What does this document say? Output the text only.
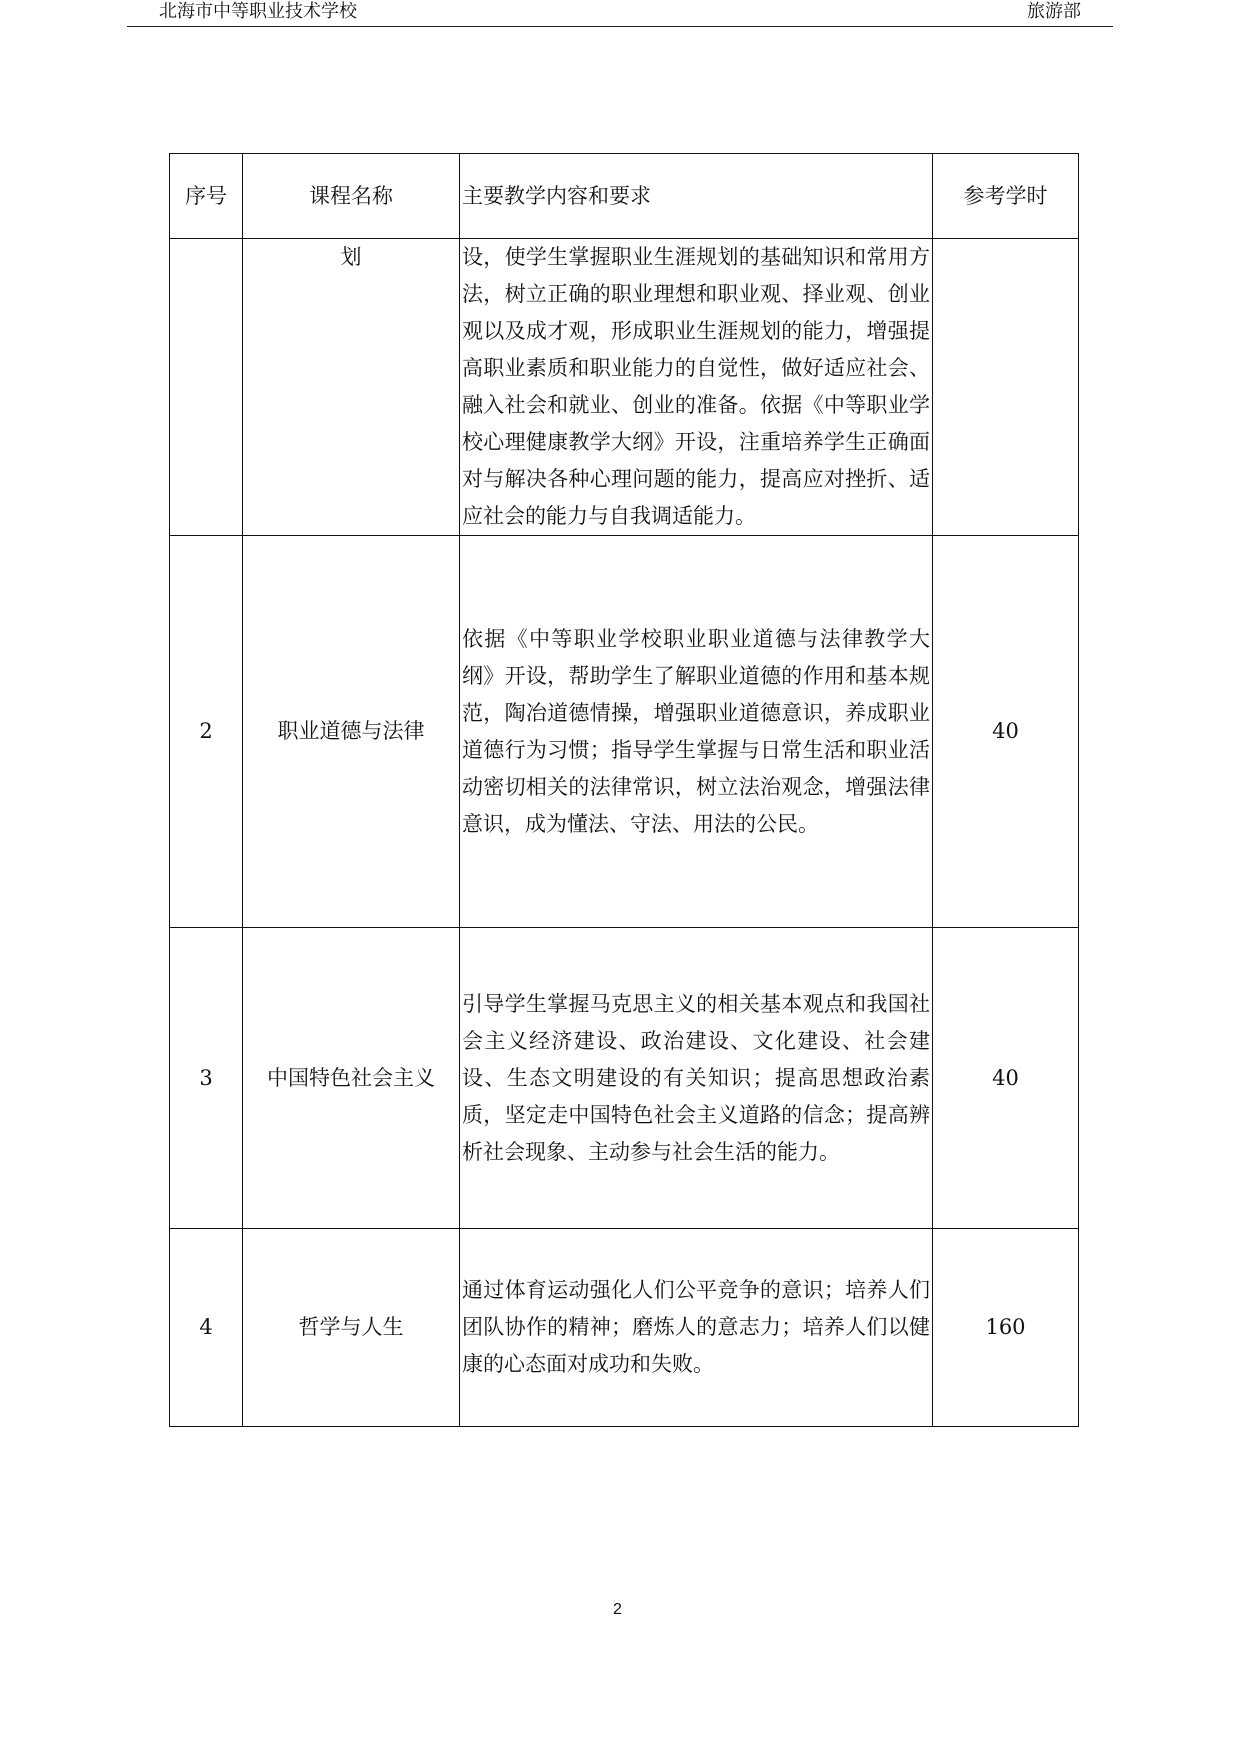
北海市中等职业技术学校	旅游部
序号	课程名称	主要教学内容和要求	参考学时
	划	设，使学生掌握职业生涯规划的基础知识和常用方法，树立正确的职业理想和职业观、择业观、创业观以及成才观，形成职业生涯规划的能力，增强提高职业素质和职业能力的自觉性，做好适应社会、融入社会和就业、创业的准备。依据《中等职业学校心理健康教学大纲》开设，注重培养学生正确面对与解决各种心理问题的能力，提高应对挫折、适应社会的能力与自我调适能力。	
2	职业道德与法律	依据《中等职业学校职业职业道德与法律教学大纲》开设，帮助学生了解职业道德的作用和基本规范，陶冶道德情操，增强职业道德意识，养成职业道德行为习惯；指导学生掌握与日常生活和职业活动密切相关的法律常识，树立法治观念，增强法律意识，成为懂法、守法、用法的公民。	40
3	中国特色社会主义	引导学生掌握马克思主义的相关基本观点和我国社会主义经济建设、政治建设、文化建设、社会建设、生态文明建设的有关知识；提高思想政治素质，坚定走中国特色社会主义道路的信念；提高辨析社会现象、主动参与社会生活的能力。	40
4	哲学与人生	通过体育运动强化人们公平竞争的意识；培养人们团队协作的精神；磨炼人的意志力；培养人们以健康的心态面对成功和失败。	160
2
